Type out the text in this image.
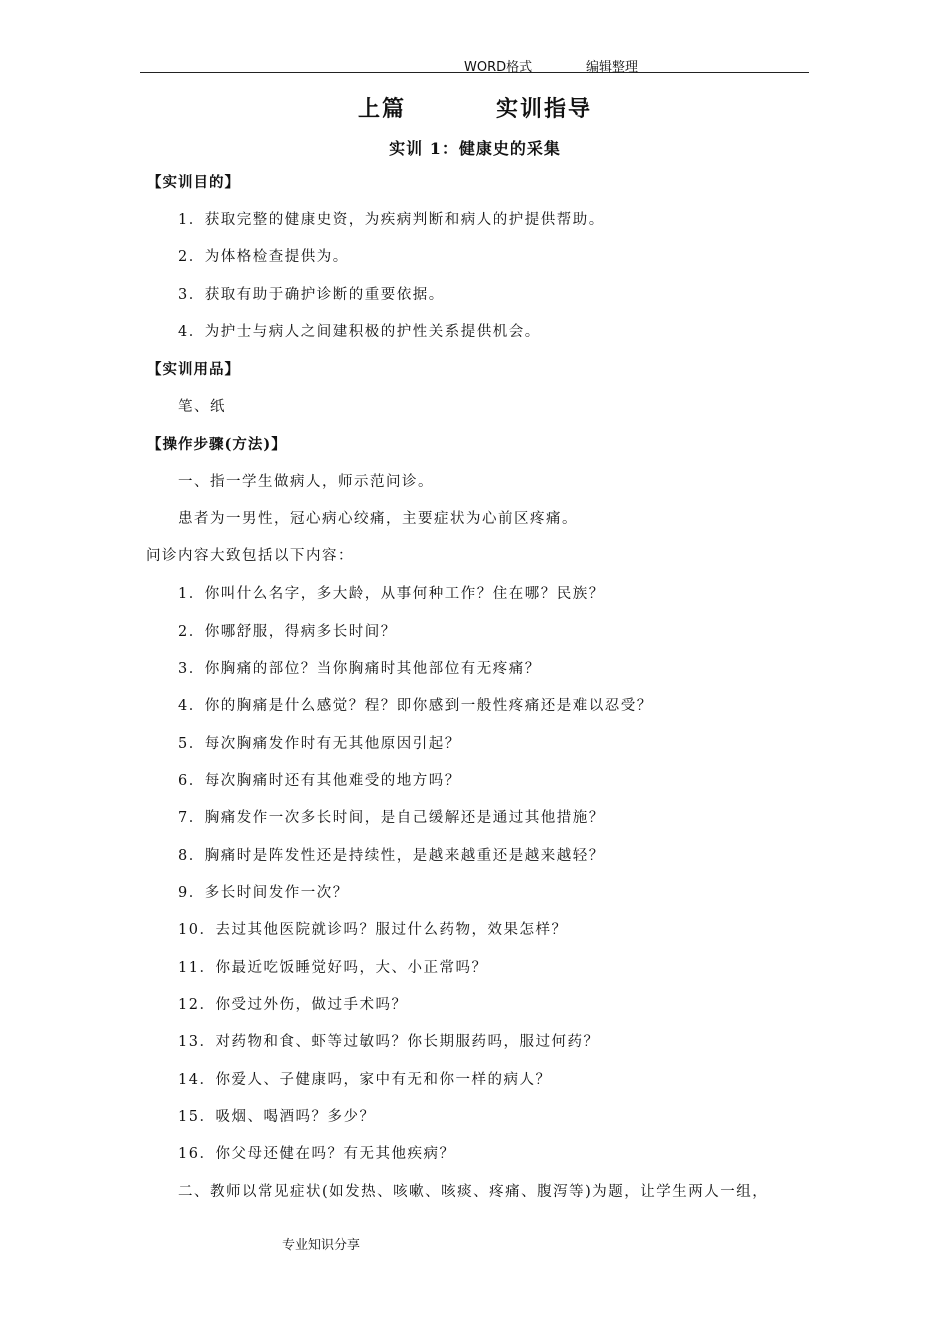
WORD格式	编辑整理
上篇	实训指导
实训 1：健康史的采集
【实训目的】
1．获取完整的健康史资，为疾病判断和病人的护提供帮助。
2．为体格检查提供为。
3．获取有助于确护诊断的重要依据。
4．为护士与病人之间建积极的护性关系提供机会。
【实训用品】
笔、纸
【操作步骤(方法)】
一、指一学生做病人，师示范问诊。
患者为一男性，冠心病心绞痛，主要症状为心前区疼痛。
问诊内容大致包括以下内容：
1．你叫什么名字，多大龄，从事何种工作？住在哪？民族？
2．你哪舒服，得病多长时间？
3．你胸痛的部位？当你胸痛时其他部位有无疼痛？
4．你的胸痛是什么感觉？程？即你感到一般性疼痛还是难以忍受？
5．每次胸痛发作时有无其他原因引起？
6．每次胸痛时还有其他难受的地方吗？
7．胸痛发作一次多长时间，是自己缓解还是通过其他措施？
8．胸痛时是阵发性还是持续性，是越来越重还是越来越轻？
9．多长时间发作一次？
10．去过其他医院就诊吗？服过什么药物，效果怎样？
11．你最近吃饭睡觉好吗，大、小正常吗？
12．你受过外伤，做过手术吗？
13．对药物和食、虾等过敏吗？你长期服药吗，服过何药？
14．你爱人、子健康吗，家中有无和你一样的病人？
15．吸烟、喝酒吗？多少？
16．你父母还健在吗？有无其他疾病？
二、教师以常见症状(如发热、咳嗽、咳痰、疼痛、腹泻等)为题，让学生两人一组，
专业知识分享
